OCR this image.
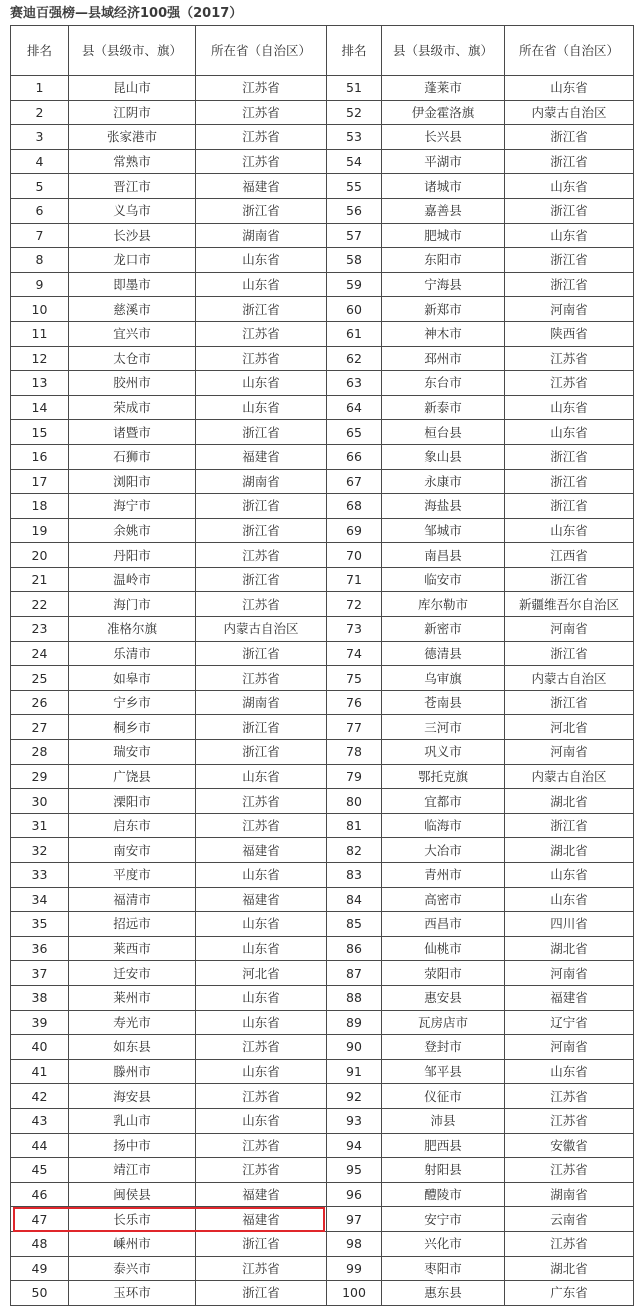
赛迪百强榜—县域经济100强（2017）
排名	县（县级市、旗）	所在省（自治区）	排名	县（县级市、旗）	所在省（自治区）
1	昆山市	江苏省	51	蓬莱市	山东省
2	江阴市	江苏省	52	伊金霍洛旗	内蒙古自治区
3	张家港市	江苏省	53	长兴县	浙江省
4	常熟市	江苏省	54	平湖市	浙江省
5	晋江市	福建省	55	诸城市	山东省
6	义乌市	浙江省	56	嘉善县	浙江省
7	长沙县	湖南省	57	肥城市	山东省
8	龙口市	山东省	58	东阳市	浙江省
9	即墨市	山东省	59	宁海县	浙江省
10	慈溪市	浙江省	60	新郑市	河南省
11	宜兴市	江苏省	61	神木市	陕西省
12	太仓市	江苏省	62	邳州市	江苏省
13	胶州市	山东省	63	东台市	江苏省
14	荣成市	山东省	64	新泰市	山东省
15	诸暨市	浙江省	65	桓台县	山东省
16	石狮市	福建省	66	象山县	浙江省
17	浏阳市	湖南省	67	永康市	浙江省
18	海宁市	浙江省	68	海盐县	浙江省
19	余姚市	浙江省	69	邹城市	山东省
20	丹阳市	江苏省	70	南昌县	江西省
21	温岭市	浙江省	71	临安市	浙江省
22	海门市	江苏省	72	库尔勒市	新疆维吾尔自治区
23	准格尔旗	内蒙古自治区	73	新密市	河南省
24	乐清市	浙江省	74	德清县	浙江省
25	如皋市	江苏省	75	乌审旗	内蒙古自治区
26	宁乡市	湖南省	76	苍南县	浙江省
27	桐乡市	浙江省	77	三河市	河北省
28	瑞安市	浙江省	78	巩义市	河南省
29	广饶县	山东省	79	鄂托克旗	内蒙古自治区
30	溧阳市	江苏省	80	宜都市	湖北省
31	启东市	江苏省	81	临海市	浙江省
32	南安市	福建省	82	大冶市	湖北省
33	平度市	山东省	83	青州市	山东省
34	福清市	福建省	84	高密市	山东省
35	招远市	山东省	85	西昌市	四川省
36	莱西市	山东省	86	仙桃市	湖北省
37	迁安市	河北省	87	荥阳市	河南省
38	莱州市	山东省	88	惠安县	福建省
39	寿光市	山东省	89	瓦房店市	辽宁省
40	如东县	江苏省	90	登封市	河南省
41	滕州市	山东省	91	邹平县	山东省
42	海安县	江苏省	92	仪征市	江苏省
43	乳山市	山东省	93	沛县	江苏省
44	扬中市	江苏省	94	肥西县	安徽省
45	靖江市	江苏省	95	射阳县	江苏省
46	闽侯县	福建省	96	醴陵市	湖南省
47	长乐市	福建省	97	安宁市	云南省
48	嵊州市	浙江省	98	兴化市	江苏省
49	泰兴市	江苏省	99	枣阳市	湖北省
50	玉环市	浙江省	100	惠东县	广东省
